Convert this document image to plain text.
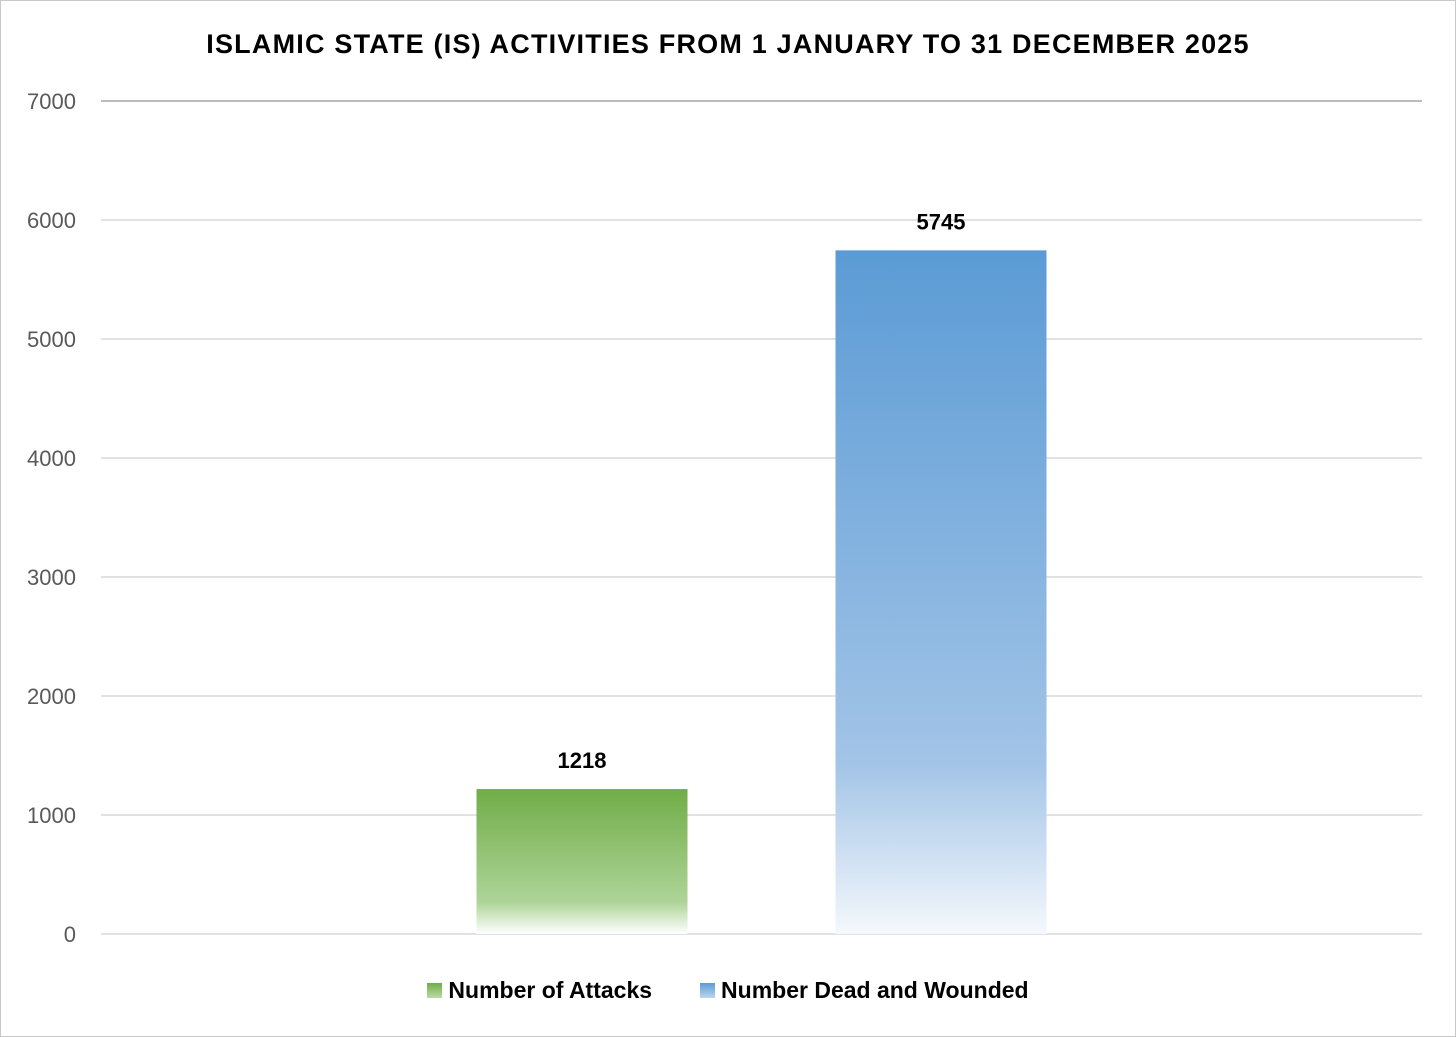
ISLAMIC STATE (IS) ACTIVITIES FROM 1 JANUARY TO 31 DECEMBER 2025
0
1000
2000
3000
4000
5000
6000
7000
1218
5745
Number of Attacks	Number Dead and Wounded
